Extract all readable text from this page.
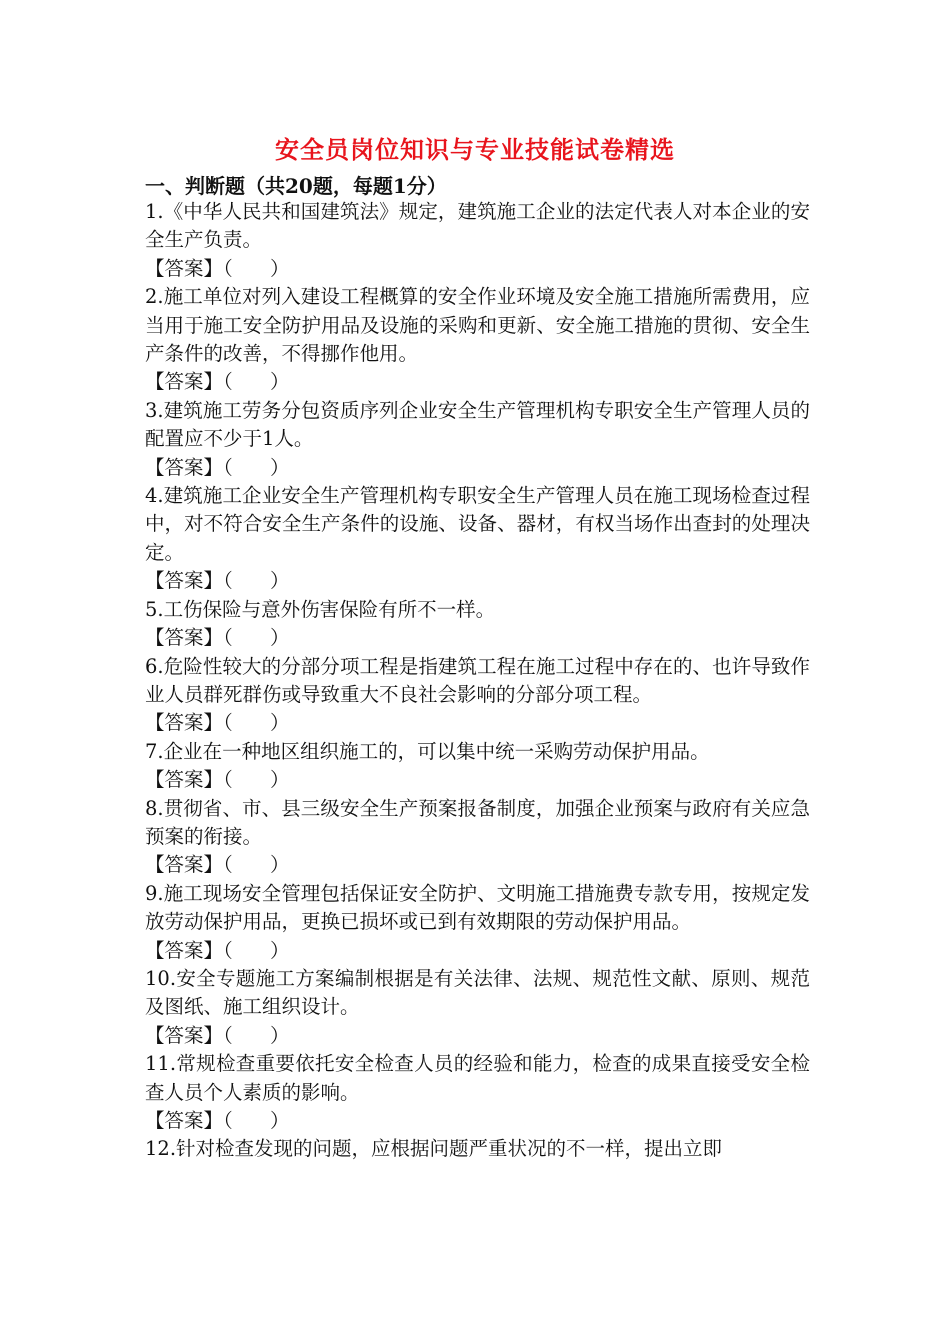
安全员岗位知识与专业技能试卷精选
一、判断题（共20题，每题1分）

1.《中华人民共和国建筑法》规定，建筑施工企业的法定代表人对本企业的安全生产负责。

【答案】（      ）

2.施工单位对列入建设工程概算的安全作业环境及安全施工措施所需费用，应当用于施工安全防护用品及设施的采购和更新、安全施工措施的贯彻、安全生产条件的改善，不得挪作他用。

【答案】（      ）

3.建筑施工劳务分包资质序列企业安全生产管理机构专职安全生产管理人员的配置应不少于1人。

【答案】（      ）

4.建筑施工企业安全生产管理机构专职安全生产管理人员在施工现场检查过程中，对不符合安全生产条件的设施、设备、器材，有权当场作出查封的处理决定。

【答案】（      ）

5.工伤保险与意外伤害保险有所不一样。

【答案】（      ）

6.危险性较大的分部分项工程是指建筑工程在施工过程中存在的、也许导致作业人员群死群伤或导致重大不良社会影响的分部分项工程。

【答案】（      ）

7.企业在一种地区组织施工的，可以集中统一采购劳动保护用品。

【答案】（      ）

8.贯彻省、市、县三级安全生产预案报备制度，加强企业预案与政府有关应急预案的衔接。

【答案】（      ）

9.施工现场安全管理包括保证安全防护、文明施工措施费专款专用，按规定发放劳动保护用品，更换已损坏或已到有效期限的劳动保护用品。

【答案】（      ）

10.安全专题施工方案编制根据是有关法律、法规、规范性文献、原则、规范及图纸、施工组织设计。

【答案】（      ）

11.常规检查重要依托安全检查人员的经验和能力，检查的成果直接受安全检查人员个人素质的影响。

【答案】（      ）

12.针对检查发现的问题，应根据问题严重状况的不一样，提出立即
